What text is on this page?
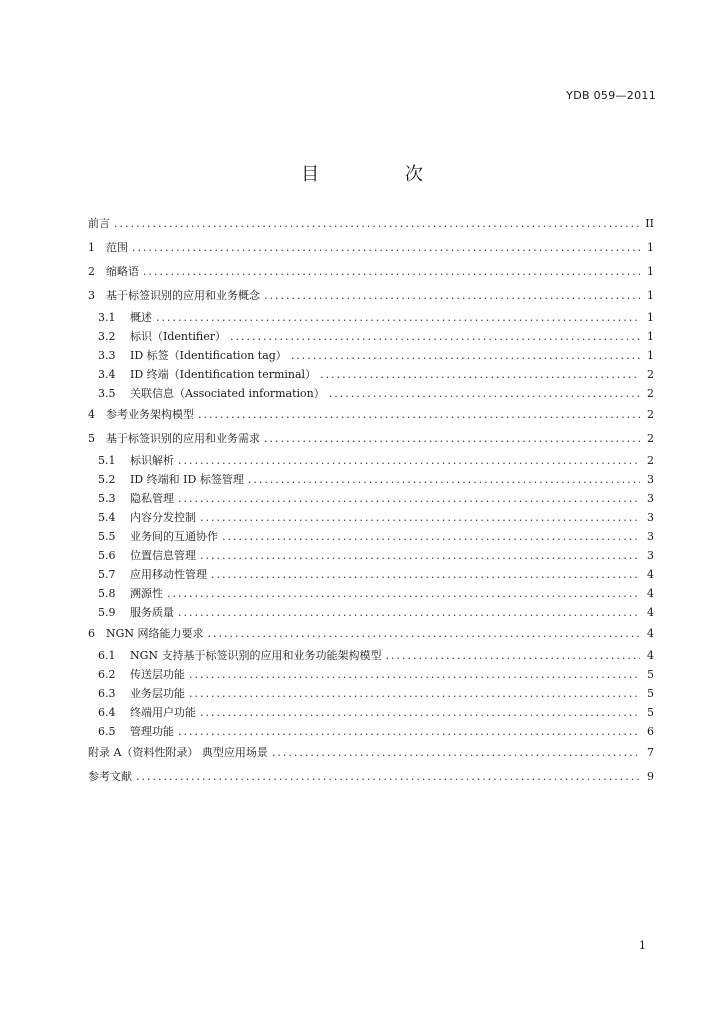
YDB 059—2011
目 次
前言 .....	II
1 范围 .....	1
2 缩略语 .....	1
3 基于标签识别的应用和业务概念 .....	1
3.1	概述 .....	1
3.2	标识（Identifier） .....	1
3.3	ID 标签（Identification tag） .....	1
3.4	ID 终端（Identification terminal） .....	2
3.5	关联信息（Associated information） .....	2
4 参考业务架构模型 .....	2
5 基于标签识别的应用和业务需求 .....	2
5.1	标识解析 .....	2
5.2	ID 终端和 ID 标签管理 .....	3
5.3	隐私管理 .....	3
5.4	内容分发控制 .....	3
5.5	业务间的互通协作 .....	3
5.6	位置信息管理 .....	3
5.7	应用移动性管理 .....	4
5.8	溯源性 .....	4
5.9	服务质量 .....	4
6 NGN 网络能力要求 .....	4
6.1	NGN 支持基于标签识别的应用和业务功能架构模型 .....	4
6.2	传送层功能 .....	5
6.3	业务层功能 .....	5
6.4	终端用户功能 .....	5
6.5	管理功能 .....	6
附录 A（资料性附录） 典型应用场景 .....	7
参考文献 .....	9
1
